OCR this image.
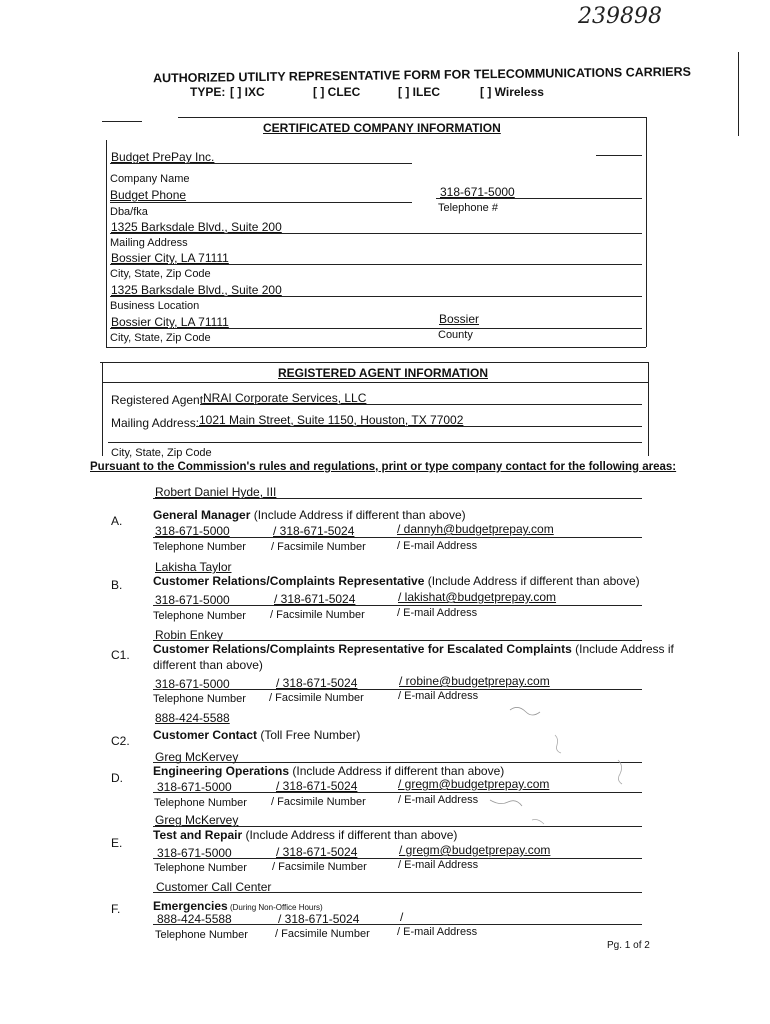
239898
AUTHORIZED UTILITY REPRESENTATIVE FORM FOR TELECOMMUNICATIONS CARRIERS
TYPE: [ ] IXC	[ ] CLEC	[ ] ILEC	[ ] Wireless
CERTIFICATED COMPANY INFORMATION
Budget PrePay Inc.
Company Name
Budget Phone
Dba/fka
318-671-5000
Telephone #
1325 Barksdale Blvd., Suite 200
Mailing Address
Bossier City, LA 71111
City, State, Zip Code
1325 Barksdale Blvd., Suite 200
Business Location
Bossier City, LA 71111
City, State, Zip Code
Bossier
County
REGISTERED AGENT INFORMATION
Registered Agent:
NRAI Corporate Services, LLC
Mailing Address: 1021 Main Street, Suite 1150, Houston, TX 77002
City, State, Zip Code
Pursuant to the Commission's rules and regulations, print or type company contact for the following areas:
Robert Daniel Hyde, III
A.	General Manager (Include Address if different than above)
318-671-5000	/ 318-671-5024	/ dannyh@budgetprepay.com
Telephone Number / Facsimile Number	/ E-mail Address
Lakisha Taylor
B.	Customer Relations/Complaints Representative (Include Address if different than above)
318-671-5000	/ 318-671-5024	/ lakishat@budgetprepay.com
Telephone Number / Facsimile Number	/ E-mail Address
Robin Enkey
C1. Customer Relations/Complaints Representative for Escalated Complaints (Include Address if
different than above)
318-671-5000	/ 318-671-5024	/ robine@budgetprepay.com
Telephone Number / Facsimile Number	/ E-mail Address
888-424-5588
C2. Customer Contact (Toll Free Number)
Greg McKervey
D.	Engineering Operations (Include Address if different than above)
318-671-5000	/ 318-671-5024	/ gregm@budgetprepay.com
Telephone Number / Facsimile Number	/ E-mail Address
Greg McKervey
E.
Test and Repair (Include Address if different than above)
318-671-5000	/ 318-671-5024	/ gregm@budgetprepay.com
Telephone Number / Facsimile Number	/ E-mail Address
Customer Call Center
F.	Emergencies (During Non-Office Hours)
888-424-5588	/ 318-671-5024	/
Telephone Number / Facsimile Number / E-mail Address
Pg. 1 of 2
